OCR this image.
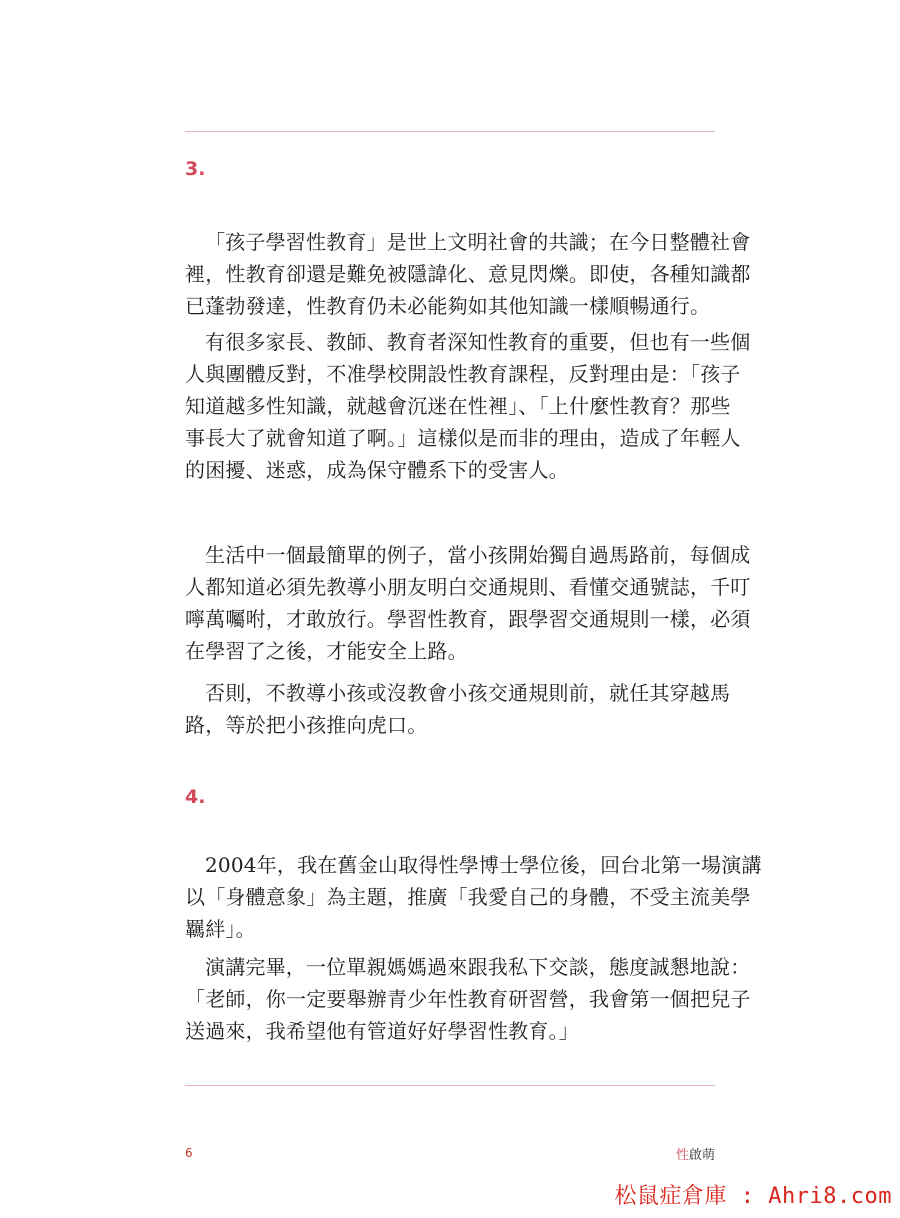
3.

「孩子學習性教育」是世上文明社會的共識；在今日整體社會
裡，性教育卻還是難免被隱諱化、意見閃爍。即使，各種知識都
已蓬勃發達，性教育仍未必能夠如其他知識一樣順暢通行。

有很多家長、教師、教育者深知性教育的重要，但也有一些個
人與團體反對，不准學校開設性教育課程，反對理由是：「孩子
知道越多性知識，就越會沉迷在性裡」、「上什麼性教育？那些
事長大了就會知道了啊。」這樣似是而非的理由，造成了年輕人
的困擾、迷惑，成為保守體系下的受害人。

生活中一個最簡單的例子，當小孩開始獨自過馬路前，每個成
人都知道必須先教導小朋友明白交通規則、看懂交通號誌，千叮
嚀萬囑咐，才敢放行。學習性教育，跟學習交通規則一樣，必須
在學習了之後，才能安全上路。

否則，不教導小孩或沒教會小孩交通規則前，就任其穿越馬
路，等於把小孩推向虎口。

4.

2004年，我在舊金山取得性學博士學位後，回台北第一場演講
以「身體意象」為主題，推廣「我愛自己的身體，不受主流美學
羈絆」。

演講完畢，一位單親媽媽過來跟我私下交談，態度誠懇地說：
「老師，你一定要舉辦青少年性教育研習營，我會第一個把兒子
送過來，我希望他有管道好好學習性教育。」

6	性啟萌
松鼠症倉庫 : Ahri8.com
